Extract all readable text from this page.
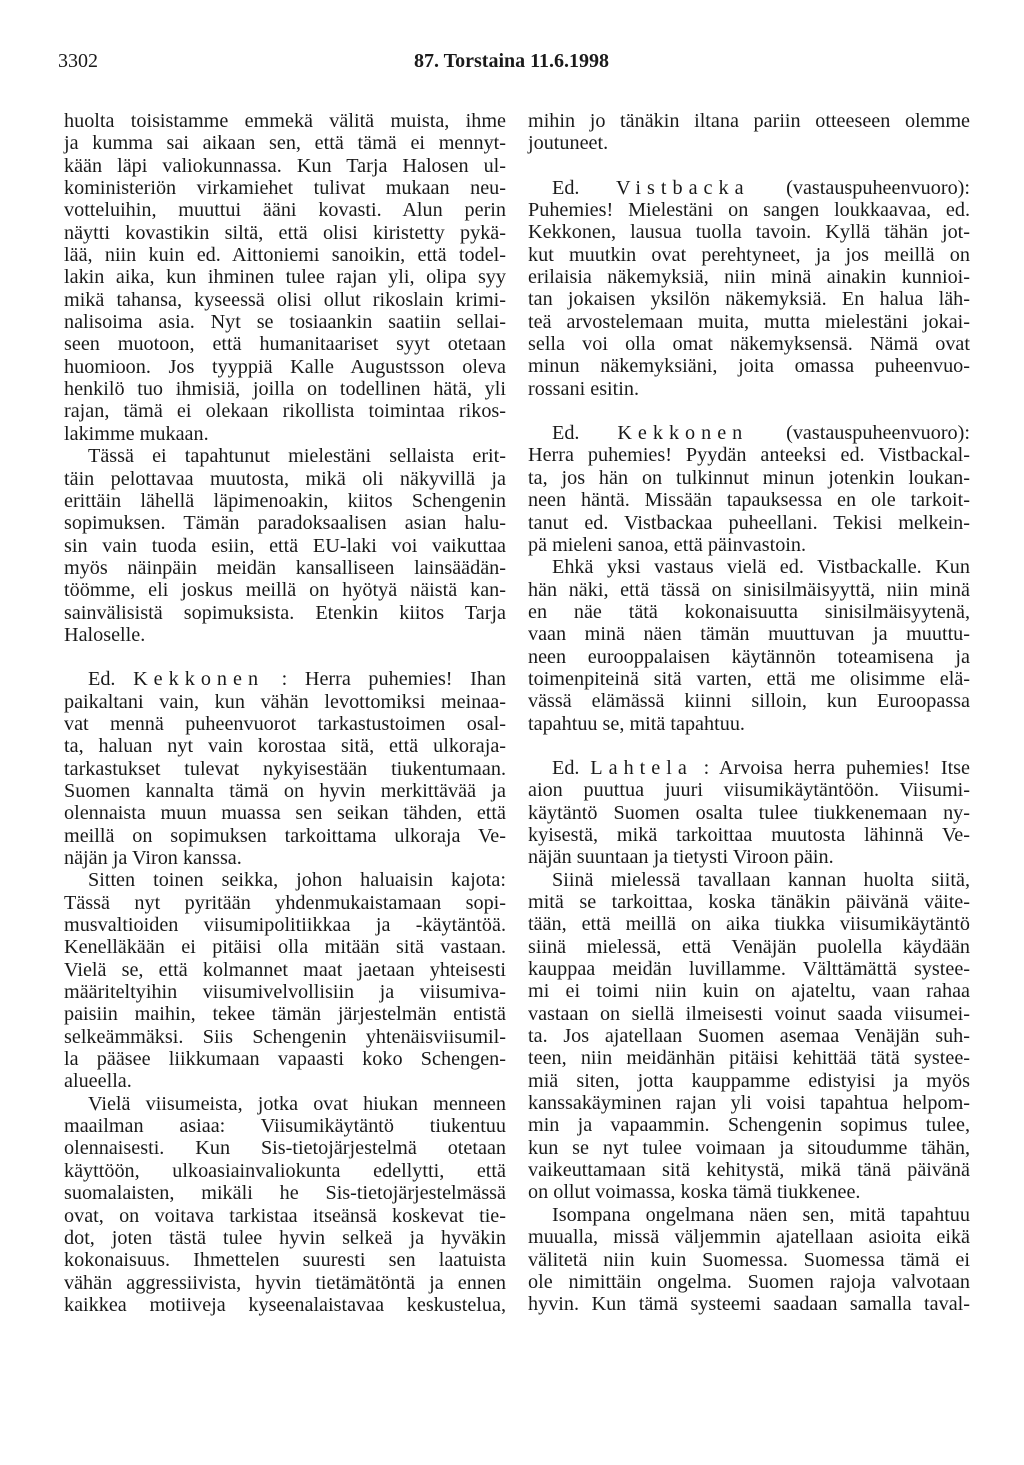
3302	87. Torstaina 11.6.1998
huolta toisistamme emmekä välitä muista, ihme
ja kumma sai aikaan sen, että tämä ei mennyt-
kään läpi valiokunnassa. Kun Tarja Halosen ul-
koministeriön virkamiehet tulivat mukaan neu-
votteluihin, muuttui ääni kovasti. Alun perin
näytti kovastikin siltä, että olisi kiristetty pykä-
lää, niin kuin ed. Aittoniemi sanoikin, että todel-
lakin aika, kun ihminen tulee rajan yli, olipa syy
mikä tahansa, kyseessä olisi ollut rikoslain krimi-
nalisoima asia. Nyt se tosiaankin saatiin sellai-
seen muotoon, että humanitaariset syyt otetaan
huomioon. Jos tyyppiä Kalle Augustsson oleva
henkilö tuo ihmisiä, joilla on todellinen hätä, yli
rajan, tämä ei olekaan rikollista toimintaa rikos-
lakimme mukaan.
Tässä ei tapahtunut mielestäni sellaista erit-
täin pelottavaa muutosta, mikä oli näkyvillä ja
erittäin lähellä läpimenoakin, kiitos Schengenin
sopimuksen. Tämän paradoksaalisen asian halu-
sin vain tuoda esiin, että EU-laki voi vaikuttaa
myös näinpäin meidän kansalliseen lainsäädän-
töömme, eli joskus meillä on hyötyä näistä kan-
sainvälisistä sopimuksista. Etenkin kiitos Tarja
Haloselle.
Ed. Kekkonen : Herra puhemies! Ihan
paikaltani vain, kun vähän levottomiksi meinaa-
vat mennä puheenvuorot tarkastustoimen osal-
ta, haluan nyt vain korostaa sitä, että ulkoraja-
tarkastukset tulevat nykyisestään tiukentumaan.
Suomen kannalta tämä on hyvin merkittävää ja
olennaista muun muassa sen seikan tähden, että
meillä on sopimuksen tarkoittama ulkoraja Ve-
näjän ja Viron kanssa.
Sitten toinen seikka, johon haluaisin kajota:
Tässä nyt pyritään yhdenmukaistamaan sopi-
musvaltioiden viisumipolitiikkaa ja -käytäntöä.
Kenelläkään ei pitäisi olla mitään sitä vastaan.
Vielä se, että kolmannet maat jaetaan yhteisesti
määriteltyihin viisumivelvollisiin ja viisumiva-
paisiin maihin, tekee tämän järjestelmän entistä
selkeämmäksi. Siis Schengenin yhtenäisviisumil-
la pääsee liikkumaan vapaasti koko Schengen-
alueella.
Vielä viisumeista, jotka ovat hiukan menneen
maailman asiaa: Viisumikäytäntö tiukentuu
olennaisesti. Kun Sis-tietojärjestelmä otetaan
käyttöön, ulkoasiainvaliokunta edellytti, että
suomalaisten, mikäli he Sis-tietojärjestelmässä
ovat, on voitava tarkistaa itseänsä koskevat tie-
dot, joten tästä tulee hyvin selkeä ja hyväkin
kokonaisuus. Ihmettelen suuresti sen laatuista
vähän aggressiivista, hyvin tietämätöntä ja ennen
kaikkea motiiveja kyseenalaistavaa keskustelua,
mihin jo tänäkin iltana pariin otteeseen olemme
joutuneet.
Ed. Vistbacka (vastauspuheenvuoro):
Puhemies! Mielestäni on sangen loukkaavaa, ed.
Kekkonen, lausua tuolla tavoin. Kyllä tähän jot-
kut muutkin ovat perehtyneet, ja jos meillä on
erilaisia näkemyksiä, niin minä ainakin kunnioi-
tan jokaisen yksilön näkemyksiä. En halua läh-
teä arvostelemaan muita, mutta mielestäni jokai-
sella voi olla omat näkemyksensä. Nämä ovat
minun näkemyksiäni, joita omassa puheenvuo-
rossani esitin.
Ed. Kekkonen (vastauspuheenvuoro):
Herra puhemies! Pyydän anteeksi ed. Vistbackal-
ta, jos hän on tulkinnut minun jotenkin loukan-
neen häntä. Missään tapauksessa en ole tarkoit-
tanut ed. Vistbackaa puheellani. Tekisi melkein-
pä mieleni sanoa, että päinvastoin.
Ehkä yksi vastaus vielä ed. Vistbackalle. Kun
hän näki, että tässä on sinisilmäisyyttä, niin minä
en näe tätä kokonaisuutta sinisilmäisyytenä,
vaan minä näen tämän muuttuvan ja muuttu-
neen eurooppalaisen käytännön toteamisena ja
toimenpiteinä sitä varten, että me olisimme elä-
vässä elämässä kiinni silloin, kun Euroopassa
tapahtuu se, mitä tapahtuu.
Ed. Lahtela : Arvoisa herra puhemies! Itse
aion puuttua juuri viisumikäytäntöön. Viisumi-
käytäntö Suomen osalta tulee tiukkenemaan ny-
kyisestä, mikä tarkoittaa muutosta lähinnä Ve-
näjän suuntaan ja tietysti Viroon päin.
Siinä mielessä tavallaan kannan huolta siitä,
mitä se tarkoittaa, koska tänäkin päivänä väite-
tään, että meillä on aika tiukka viisumikäytäntö
siinä mielessä, että Venäjän puolella käydään
kauppaa meidän luvillamme. Välttämättä systee-
mi ei toimi niin kuin on ajateltu, vaan rahaa
vastaan on siellä ilmeisesti voinut saada viisumei-
ta. Jos ajatellaan Suomen asemaa Venäjän suh-
teen, niin meidänhän pitäisi kehittää tätä systee-
miä siten, jotta kauppamme edistyisi ja myös
kanssakäyminen rajan yli voisi tapahtua helpom-
min ja vapaammin. Schengenin sopimus tulee,
kun se nyt tulee voimaan ja sitoudumme tähän,
vaikeuttamaan sitä kehitystä, mikä tänä päivänä
on ollut voimassa, koska tämä tiukkenee.
Isompana ongelmana näen sen, mitä tapahtuu
muualla, missä väljemmin ajatellaan asioita eikä
välitetä niin kuin Suomessa. Suomessa tämä ei
ole nimittäin ongelma. Suomen rajoja valvotaan
hyvin. Kun tämä systeemi saadaan samalla taval-
